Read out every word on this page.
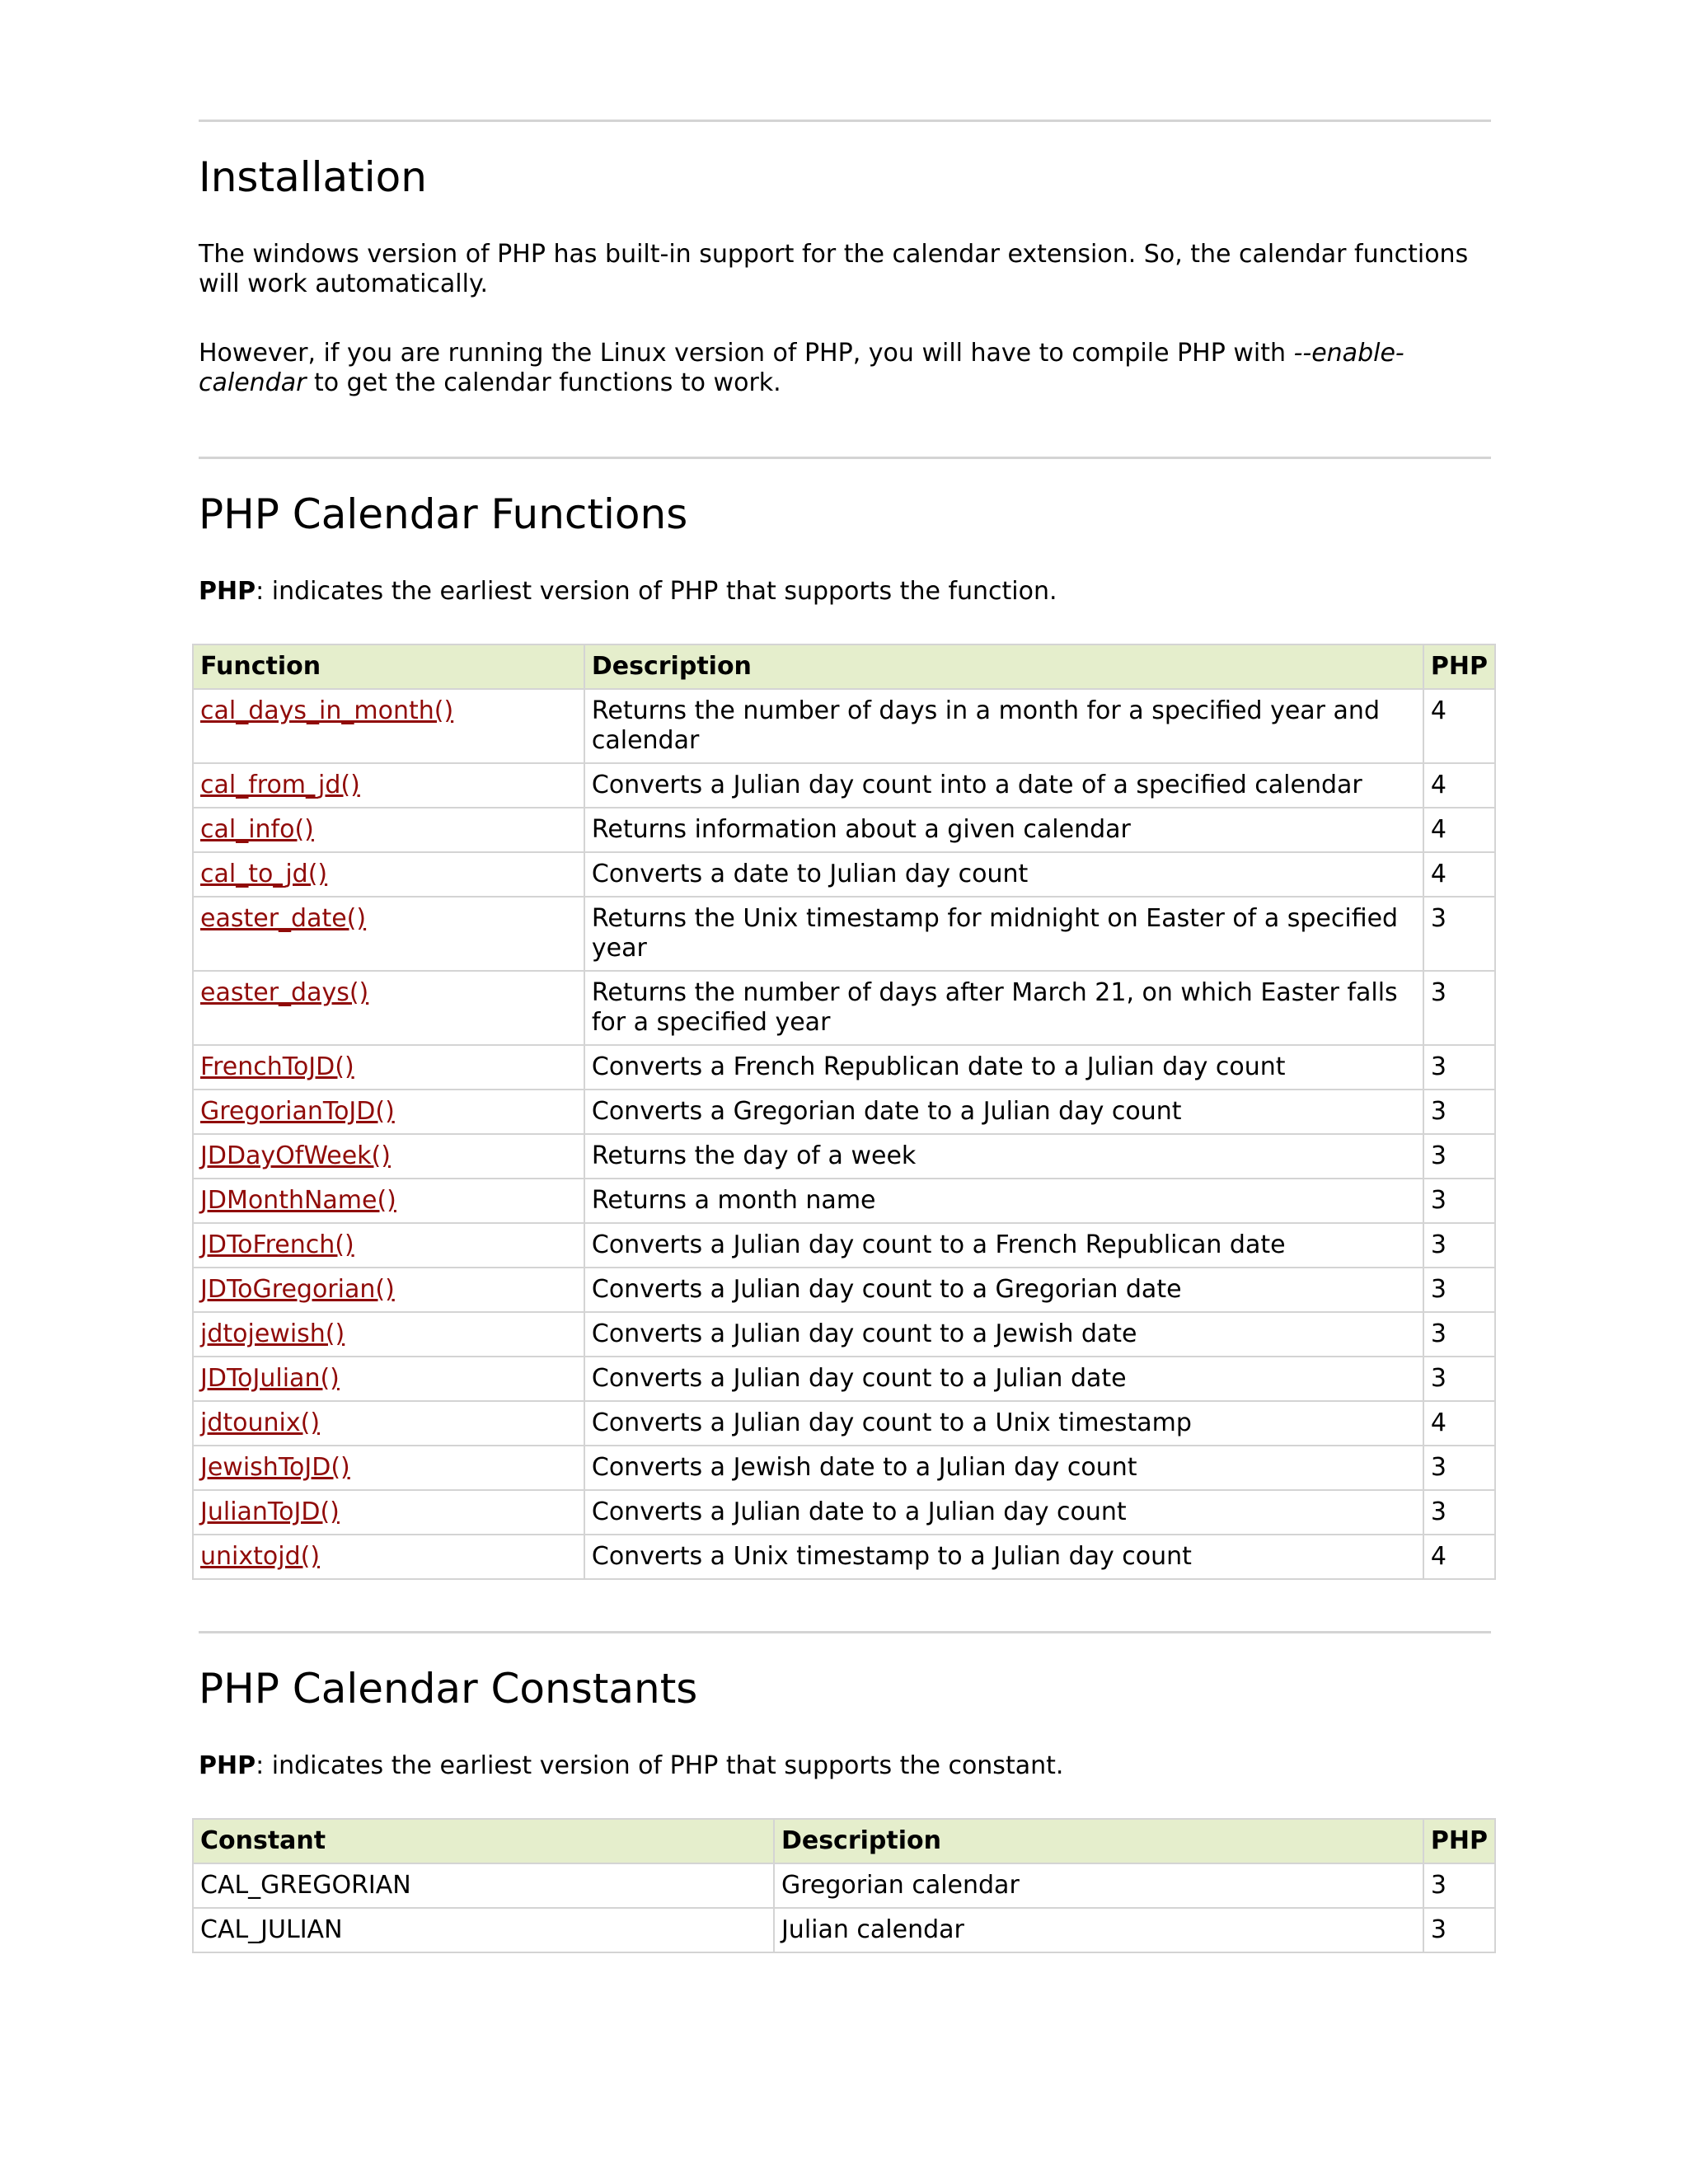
Installation

The windows version of PHP has built-in support for the calendar extension. So, the calendar functions will work automatically.

However, if you are running the Linux version of PHP, you will have to compile PHP with --enable-calendar to get the calendar functions to work.

PHP Calendar Functions

PHP: indicates the earliest version of PHP that supports the function.

Function	Description	PHP
cal_days_in_month()	Returns the number of days in a month for a specified year and calendar	4
cal_from_jd()	Converts a Julian day count into a date of a specified calendar	4
cal_info()	Returns information about a given calendar	4
cal_to_jd()	Converts a date to Julian day count	4
easter_date()	Returns the Unix timestamp for midnight on Easter of a specified year	3
easter_days()	Returns the number of days after March 21, on which Easter falls for a specified year	3
FrenchToJD()	Converts a French Republican date to a Julian day count	3
GregorianToJD()	Converts a Gregorian date to a Julian day count	3
JDDayOfWeek()	Returns the day of a week	3
JDMonthName()	Returns a month name	3
JDToFrench()	Converts a Julian day count to a French Republican date	3
JDToGregorian()	Converts a Julian day count to a Gregorian date	3
jdtojewish()	Converts a Julian day count to a Jewish date	3
JDToJulian()	Converts a Julian day count to a Julian date	3
jdtounix()	Converts a Julian day count to a Unix timestamp	4
JewishToJD()	Converts a Jewish date to a Julian day count	3
JulianToJD()	Converts a Julian date to a Julian day count	3
unixtojd()	Converts a Unix timestamp to a Julian day count	4
PHP Calendar Constants

PHP: indicates the earliest version of PHP that supports the constant.

Constant	Description	PHP
CAL_GREGORIAN	Gregorian calendar	3
CAL_JULIAN	Julian calendar	3
